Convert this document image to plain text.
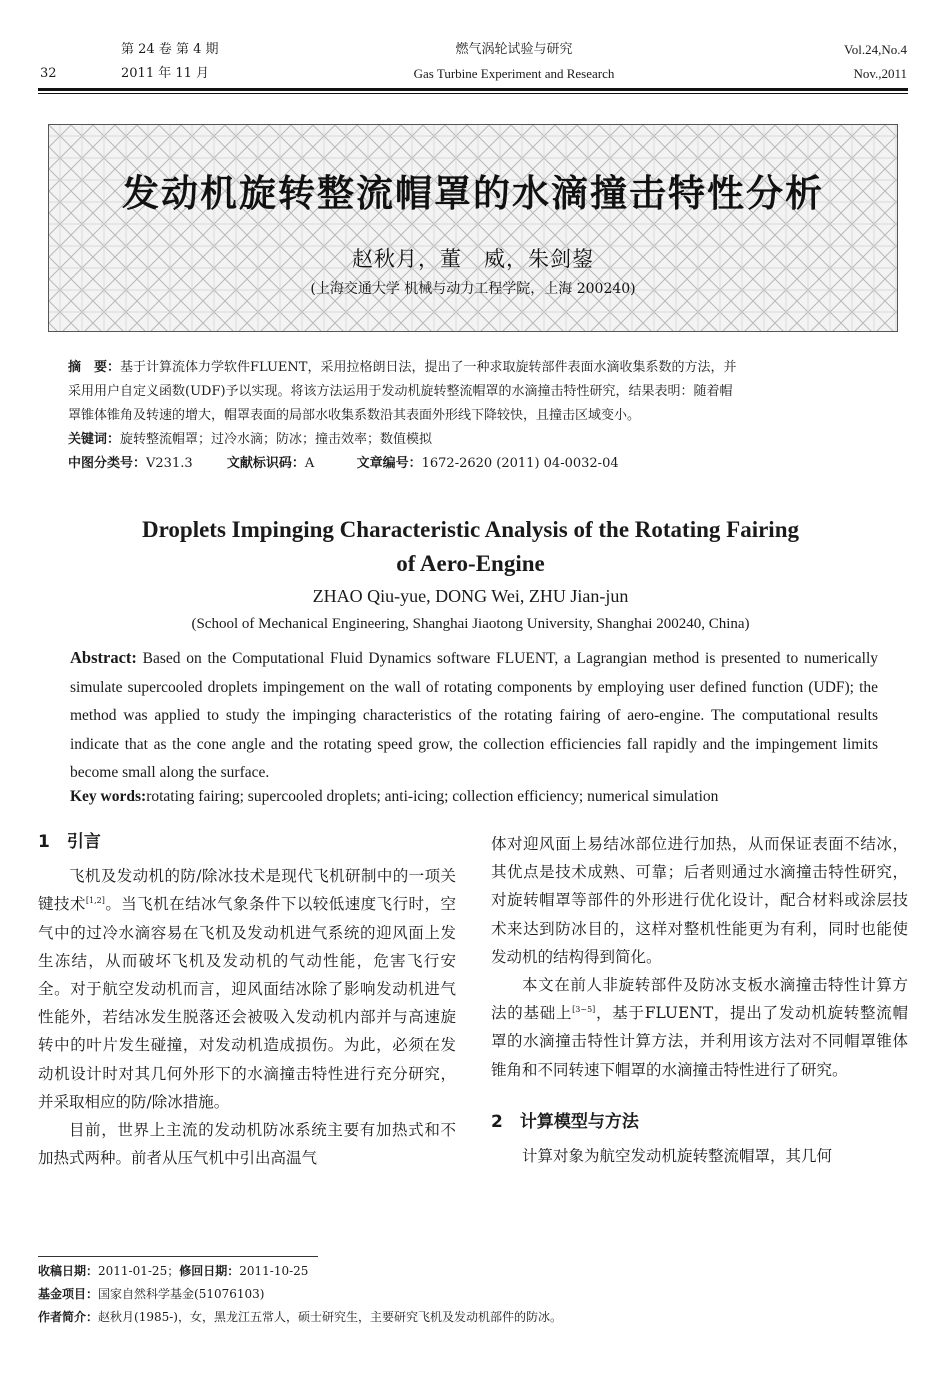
32
第 24 卷 第 4 期
2011 年 11 月
燃气涡轮试验与研究
Gas Turbine Experiment and Research
Vol.24,No.4
Nov.,2011
发动机旋转整流帽罩的水滴撞击特性分析
赵秋月，董　威，朱剑鋆
(上海交通大学 机械与动力工程学院，上海 200240)
摘　要：基于计算流体力学软件FLUENT，采用拉格朗日法，提出了一种求取旋转部件表面水滴收集系数的方法，并
采用用户自定义函数(UDF)予以实现。将该方法运用于发动机旋转整流帽罩的水滴撞击特性研究，结果表明：随着帽
罩锥体锥角及转速的增大，帽罩表面的局部水收集系数沿其表面外形线下降较快，且撞击区域变小。
关键词：旋转整流帽罩；过冷水滴；防冰；撞击效率；数值模拟
中图分类号：V231.3	文献标识码：A	文章编号：1672-2620 (2011) 04-0032-04
Droplets Impinging Characteristic Analysis of the Rotating Fairing
of Aero-Engine
ZHAO Qiu-yue, DONG Wei, ZHU Jian-jun
(School of Mechanical Engineering, Shanghai Jiaotong University, Shanghai 200240, China)
Abstract: Based on the Computational Fluid Dynamics software FLUENT, a Lagrangian method is presented to numerically simulate supercooled droplets impingement on the wall of rotating components by employing user defined function (UDF); the method was applied to study the impinging characteristics of the rotating fairing of aero-engine. The computational results indicate that as the cone angle and the rotating speed grow, the collection efficiencies fall rapidly and the impingement limits become small along the surface.
Key words:rotating fairing; supercooled droplets; anti-icing; collection efficiency; numerical simulation

1　引言

飞机及发动机的防/除冰技术是现代飞机研制中的一项关键技术[1,2]。当飞机在结冰气象条件下以较低速度飞行时，空气中的过冷水滴容易在飞机及发动机进气系统的迎风面上发生冻结，从而破坏飞机及发动机的气动性能，危害飞行安全。对于航空发动机而言，迎风面结冰除了影响发动机进气性能外，若结冰发生脱落还会被吸入发动机内部并与高速旋转中的叶片发生碰撞，对发动机造成损伤。为此，必须在发动机设计时对其几何外形下的水滴撞击特性进行充分研究，并采取相应的防/除冰措施。

目前，世界上主流的发动机防冰系统主要有加热式和不加热式两种。前者从压气机中引出高温气

体对迎风面上易结冰部位进行加热，从而保证表面不结冰，其优点是技术成熟、可靠；后者则通过水滴撞击特性研究，对旋转帽罩等部件的外形进行优化设计，配合材料或涂层技术来达到防冰目的，这样对整机性能更为有利，同时也能使发动机的结构得到简化。

本文在前人非旋转部件及防冰支板水滴撞击特性计算方法的基础上[3~5]，基于FLUENT，提出了发动机旋转整流帽罩的水滴撞击特性计算方法，并利用该方法对不同帽罩锥体锥角和不同转速下帽罩的水滴撞击特性进行了研究。

2　计算模型与方法

计算对象为航空发动机旋转整流帽罩，其几何

收稿日期：2011-01-25；修回日期：2011-10-25
基金项目：国家自然科学基金(51076103)
作者简介：赵秋月(1985-)，女，黑龙江五常人，硕士研究生，主要研究飞机及发动机部件的防冰。
